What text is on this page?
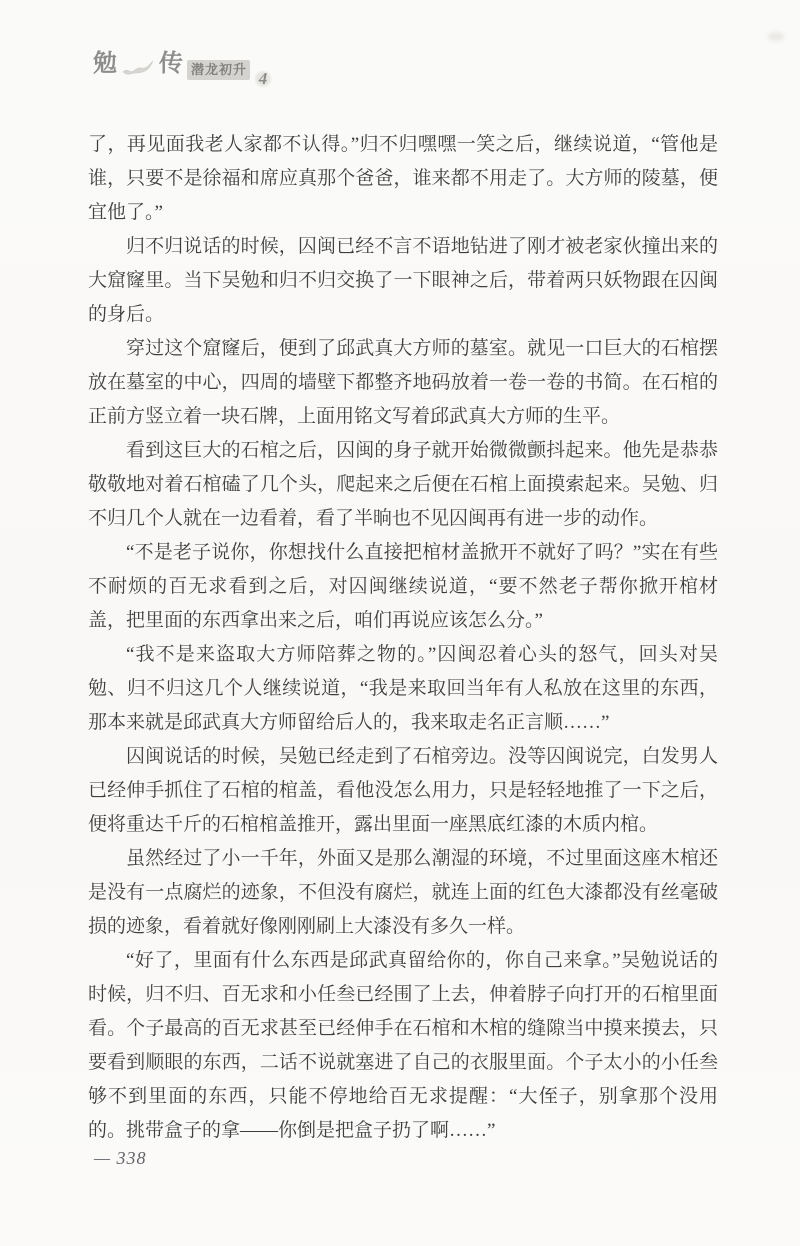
勉 传 潜龙初升 4

了，再见面我老人家都不认得。”归不归嘿嘿一笑之后，继续说道，“管他是谁，只要不是徐福和席应真那个爸爸，谁来都不用走了。大方师的陵墓，便宜他了。”

归不归说话的时候，囚闽已经不言不语地钻进了刚才被老家伙撞出来的大窟窿里。当下吴勉和归不归交换了一下眼神之后，带着两只妖物跟在囚闽的身后。

穿过这个窟窿后，便到了邱武真大方师的墓室。就见一口巨大的石棺摆放在墓室的中心，四周的墙壁下都整齐地码放着一卷一卷的书简。在石棺的正前方竖立着一块石牌，上面用铭文写着邱武真大方师的生平。

看到这巨大的石棺之后，囚闽的身子就开始微微颤抖起来。他先是恭恭敬敬地对着石棺磕了几个头，爬起来之后便在石棺上面摸索起来。吴勉、归不归几个人就在一边看着，看了半晌也不见囚闽再有进一步的动作。

“不是老子说你，你想找什么直接把棺材盖掀开不就好了吗？”实在有些不耐烦的百无求看到之后，对囚闽继续说道，“要不然老子帮你掀开棺材盖，把里面的东西拿出来之后，咱们再说应该怎么分。”

“我不是来盗取大方师陪葬之物的。”囚闽忍着心头的怒气，回头对吴勉、归不归这几个人继续说道，“我是来取回当年有人私放在这里的东西，那本来就是邱武真大方师留给后人的，我来取走名正言顺……”

囚闽说话的时候，吴勉已经走到了石棺旁边。没等囚闽说完，白发男人已经伸手抓住了石棺的棺盖，看他没怎么用力，只是轻轻地推了一下之后，便将重达千斤的石棺棺盖推开，露出里面一座黑底红漆的木质内棺。

虽然经过了小一千年，外面又是那么潮湿的环境，不过里面这座木棺还是没有一点腐烂的迹象，不但没有腐烂，就连上面的红色大漆都没有丝毫破损的迹象，看着就好像刚刚刷上大漆没有多久一样。

“好了，里面有什么东西是邱武真留给你的，你自己来拿。”吴勉说话的时候，归不归、百无求和小任叁已经围了上去，伸着脖子向打开的石棺里面看。个子最高的百无求甚至已经伸手在石棺和木棺的缝隙当中摸来摸去，只要看到顺眼的东西，二话不说就塞进了自己的衣服里面。个子太小的小任叁够不到里面的东西，只能不停地给百无求提醒：“大侄子，别拿那个没用的。挑带盒子的拿——你倒是把盒子扔了啊……”

— 338
